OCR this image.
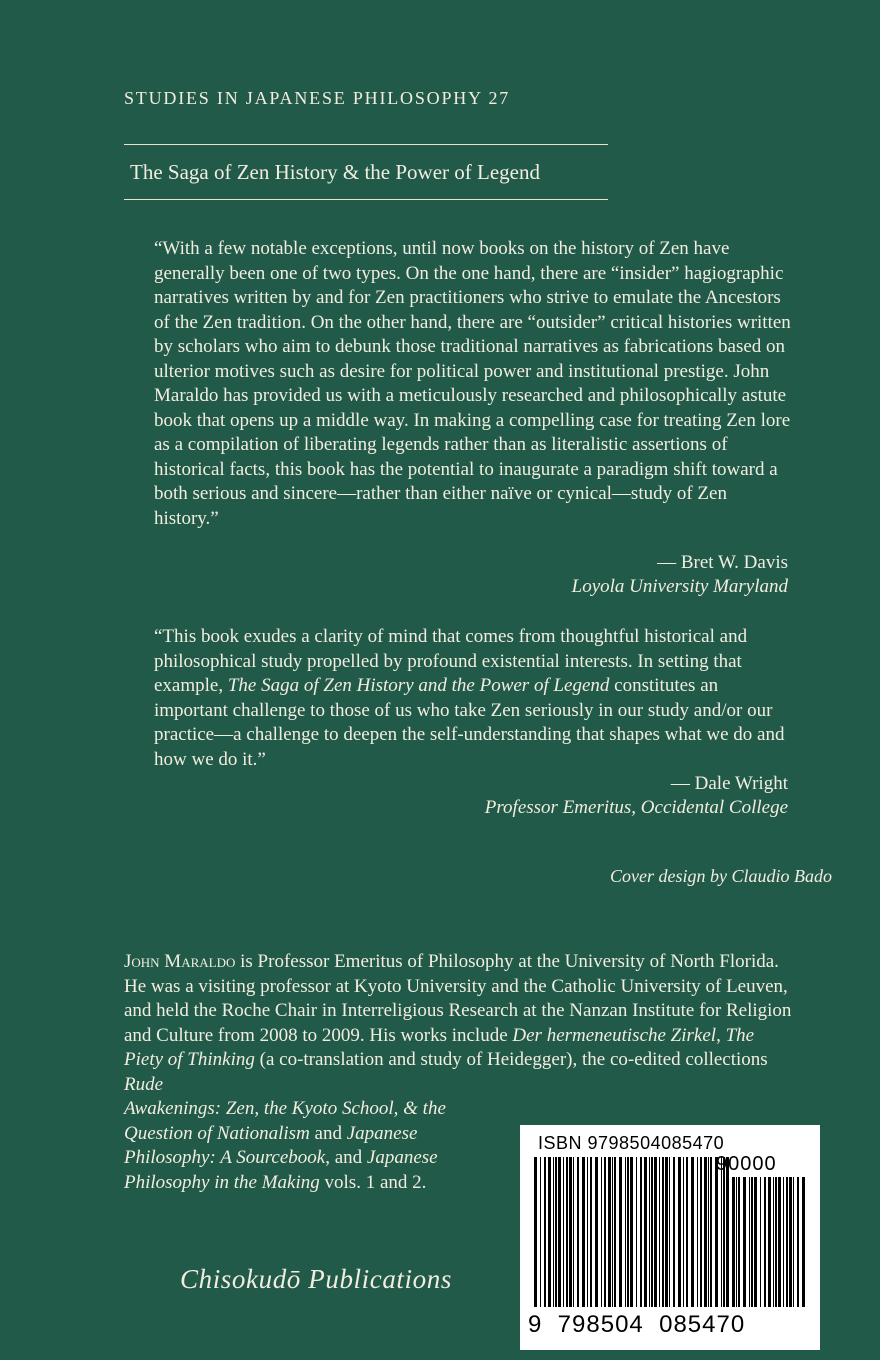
STUDIES IN JAPANESE PHILOSOPHY 27
The Saga of Zen History & the Power of Legend
“With a few notable exceptions, until now books on the history of Zen have generally been one of two types. On the one hand, there are “insider” hagiographic narratives written by and for Zen practitioners who strive to emulate the Ancestors of the Zen tradition. On the other hand, there are “outsider” critical histories written by scholars who aim to debunk those traditional narratives as fabrications based on ulterior motives such as desire for political power and institutional prestige. John Maraldo has provided us with a meticulously researched and philosophically astute book that opens up a middle way. In making a compelling case for treating Zen lore as a compilation of liberating legends rather than as literalistic assertions of historical facts, this book has the potential to inaugurate a paradigm shift toward a both serious and sincere—rather than either naïve or cynical—study of Zen history.”
— Bret W. Davis
Loyola University Maryland
“This book exudes a clarity of mind that comes from thoughtful historical and philosophical study propelled by profound existential interests. In setting that example, The Saga of Zen History and the Power of Legend constitutes an important challenge to those of us who take Zen seriously in our study and/or our practice—a challenge to deepen the self-understanding that shapes what we do and how we do it.”
— Dale Wright
Professor Emeritus, Occidental College
Cover design by Claudio Bado
John Maraldo is Professor Emeritus of Philosophy at the University of North Florida. He was a visiting professor at Kyoto University and the Catholic University of Leuven, and held the Roche Chair in Interreligious Research at the Nanzan Institute for Religion and Culture from 2008 to 2009. His works include Der hermeneutische Zirkel, The Piety of Thinking (a co-translation and study of Heidegger), the co-edited collections Rude
Awakenings: Zen, the Kyoto School, & the
Question of Nationalism and Japanese
Philosophy: A Sourcebook, and Japanese
Philosophy in the Making vols. 1 and 2.
Chisokudō Publications
ISBN 9798504085470
90000
9  798504  085470
